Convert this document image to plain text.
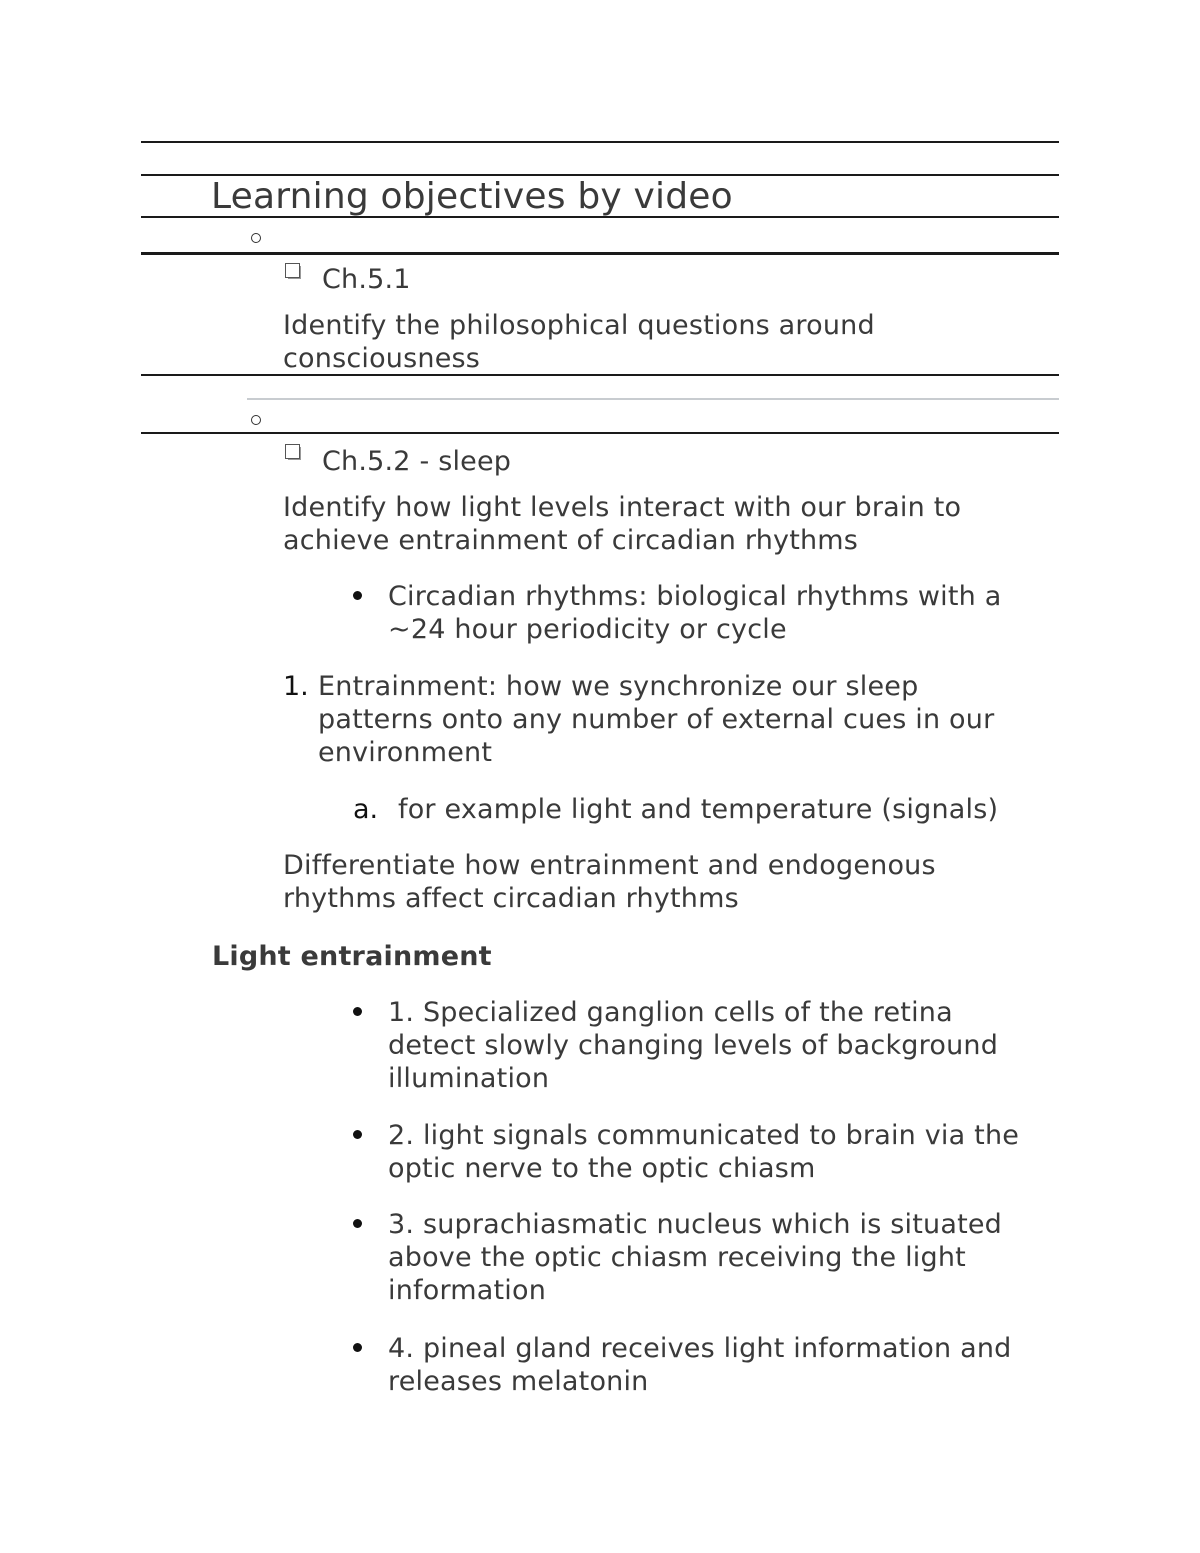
Learning objectives by video
Ch.5.1
Identify the philosophical questions around
consciousness
Ch.5.2 - sleep
Identify how light levels interact with our brain to
achieve entrainment of circadian rhythms
Circadian rhythms: biological rhythms with a
~24 hour periodicity or cycle
1. Entrainment: how we synchronize our sleep
patterns onto any number of external cues in our
environment
a. for example light and temperature (signals)
Differentiate how entrainment and endogenous
rhythms affect circadian rhythms
Light entrainment
1. Specialized ganglion cells of the retina
detect slowly changing levels of background
illumination
2. light signals communicated to brain via the
optic nerve to the optic chiasm
3. suprachiasmatic nucleus which is situated
above the optic chiasm receiving the light
information
4. pineal gland receives light information and
releases melatonin
